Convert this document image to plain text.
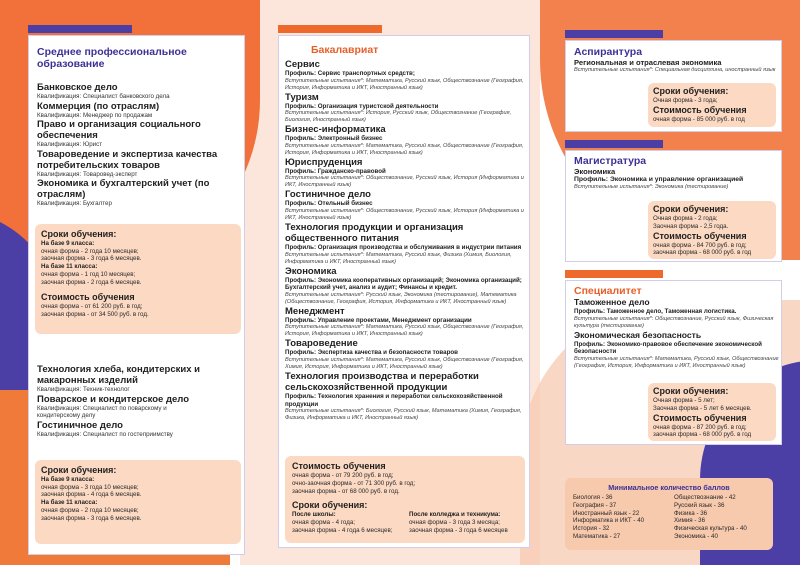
Среднее профессиональное образование
Банковское дело
Квалификация: Специалист банковского дела
Коммерция (по отраслям)
Квалификация: Менеджер по продажам
Право и организация социального обеспечения
Квалификация: Юрист
Товароведение и экспертиза качества потребительских товаров
Квалификация: Товаровед-эксперт
Экономика и бухгалтерский учет (по отраслям)
Квалификация: Бухгалтер
Сроки обучения:
На базе 9 класса:
очная форма - 2 года 10 месяцев;
заочная форма - 3 года 6 месяцев.
На базе 11 класса:
очная форма - 1 год 10 месяцев;
заочная форма - 2 года 6 месяцев.
Стоимость обучения
очная форма - от 61 200 руб. в год;
заочная форма - от 34 500 руб. в год.
Технология хлеба, кондитерских и макаронных изделий
Квалификация: Техник-технолог
Поварское и кондитерское дело
Квалификация: Специалист по поварскому и кондитерскому делу
Гостиничное дело
Квалификация: Специалист по гостеприимству
Сроки обучения:
На базе 9 класса:
очная форма - 3 года 10 месяцев;
заочная форма - 4 года 6 месяцев.
На базе 11 класса:
очная форма - 2 года 10 месяцев;
заочная форма - 3 года 6 месяцев.
Бакалавриат
Сервис
Профиль: Сервис транспортных средств;
Вступительные испытания*: Математика, Русский язык, Обществознание (География, История, Информатика и ИКТ, Иностранный язык)
Туризм
Профиль: Организация туристской деятельности
Вступительные испытания*: История, Русский язык, Обществознание (География, Биология, Иностранный язык)
Бизнес-информатика
Профиль: Электронный бизнес
Вступительные испытания*: Математика, Русский язык, Обществознание (География, История, Информатика и ИКТ, Иностранный язык)
Юриспруденция
Профиль: Гражданско-правовой
Вступительные испытания*: Обществознание, Русский язык, История (Информатика и ИКТ, Иностранный язык)
Гостиничное дело
Профиль: Отельный бизнес
Вступительные испытания*: Обществознание, Русский язык, История (Информатика и ИКТ, Иностранный язык)
Технология продукции и организация общественного питания
Профиль: Организация производства и обслуживания в индустрии питания
Вступительные испытания*: Математика, Русский язык, Физика (Химия, Биология, Информатика и ИКТ, Иностранный язык)
Экономика
Профиль: Экономика кооперативных организаций; Экономика организаций; Бухгалтерский учет, анализ и аудит; Финансы и кредит.
Вступительные испытания*: Русский язык, Экономика (тестирование), Математика (Обществознание, География, История, Информатика и ИКТ, Иностранный язык)
Менеджмент
Профиль: Управление проектами, Менеджмент организации
Вступительные испытания*: Математика, Русский язык, Обществознание (География, История, Информатика и ИКТ, Иностранный язык)
Товароведение
Профиль: Экспертиза качества и безопасности товаров
Вступительные испытания*: Математика, Русский язык, Обществознание (География, Химия, История, Информатика и ИКТ, Иностранный язык)
Технология производства и переработки сельскохозяйственной продукции
Профиль: Технология хранения и переработки сельскохозяйственной продукции
Вступительные испытания*: Биология, Русский язык, Математика (Химия, География, Физика, Информатика и ИКТ, Иностранный язык)
Стоимость обучения
очная форма - от 79 200 руб. в год;
очно-заочная форма - от 71 300 руб. в год;
заочная форма - от 68 000 руб. в год.
Сроки обучения:
После школы:
очная форма - 4 года;
заочная форма - 4 года 6 месяцев;
После колледжа и техникума:
очная форма - 3 года 3 месяца;
заочная форма - 3 года 6 месяцев
Аспирантура
Региональная и отраслевая экономика
Вступительные испытания*: Специальная дисциплина, иностранный язык
Сроки обучения:
Очная форма - 3 года;
Стоимость обучения
очная форма - 85 000 руб. в год
Магистратура
Экономика
Профиль: Экономика и управление организацией
Вступительные испытания*: Экономика (тестирование)
Сроки обучения:
Очная форма - 2 года;
Заочная форма - 2,5 года.
Стоимость обучения
очная форма - 84 700 руб. в год;
заочная форма - 68 000 руб. в год
Специалитет
Таможенное дело
Профиль: Таможенное дело, Таможенная логистика.
Вступительные испытания*: Обществознание, Русский язык, Физическая культура (тестирование)
Экономическая безопасность
Профиль: Экономико-правовое обеспечение экономической безопасности
Вступительные испытания*: Математика, Русский язык, Обществознание (География, История, Информатика и ИКТ, Иностранный язык)
Сроки обучения:
Очная форма - 5 лет;
Заочная форма - 5 лет 6 месяцев.
Стоимость обучения
очная форма - 87 200 руб. в год;
заочная форма - 68 000 руб. в год
Минимальное количество баллов
Биология - 36
География - 37
Иностранный язык - 22
Информатика и ИКТ - 40
История - 32
Математика - 27
Обществознание - 42
Русский язык - 36
Физика - 36
Химия - 36
Физическая культура - 40
Экономика - 40
